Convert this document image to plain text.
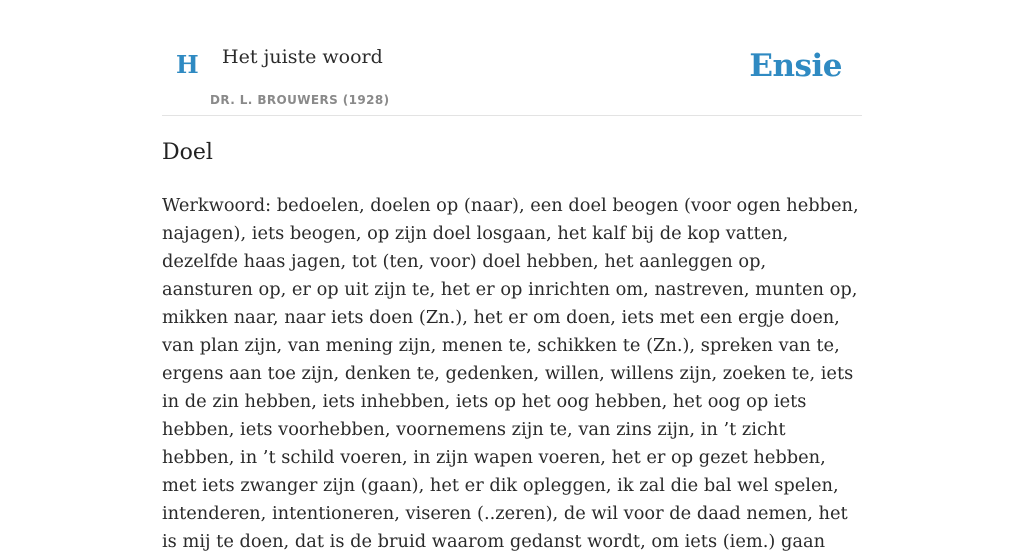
H Het juiste woord
DR. L. BROUWERS (1928)
Ensie
Doel

Werkwoord: bedoelen, doelen op (naar), een doel beogen (voor ogen hebben, najagen), iets beogen, op zijn doel losgaan, het kalf bij de kop vatten, dezelfde haas jagen, tot (ten, voor) doel hebben, het aanleggen op, aansturen op, er op uit zijn te, het er op inrichten om, nastreven, munten op, mikken naar, naar iets doen (Zn.), het er om doen, iets met een ergje doen, van plan zijn, van mening zijn, menen te, schikken te (Zn.), spreken van te, ergens aan toe zijn, denken te, gedenken, willen, willens zijn, zoeken te, iets in de zin hebben, iets inhebben, iets op het oog hebben, het oog op iets hebben, iets voorhebben, voornemens zijn te, van zins zijn, in ’t zicht hebben, in ’t schild voeren, in zijn wapen voeren, het er op gezet hebben, met iets zwanger zijn (gaan), het er dik opleggen, ik zal die bal wel spelen, intenderen, intentioneren, viseren (..zeren), de wil voor de daad nemen, het is mij te doen, dat is de bruid waarom gedanst wordt, om iets (iem.) gaan
